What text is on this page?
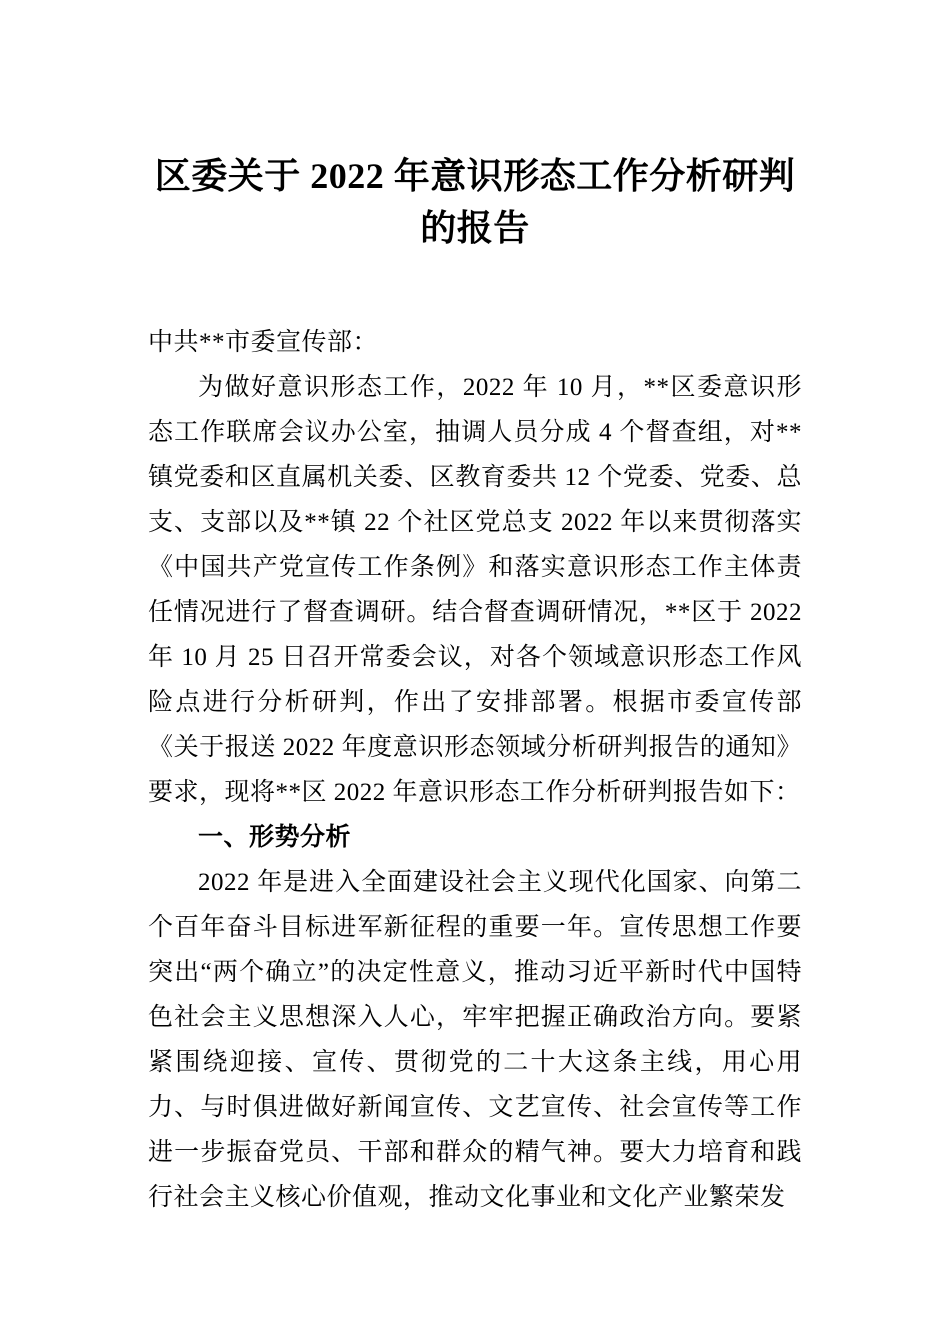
区委关于 2022 年意识形态工作分析研判的报告

中共**市委宣传部：

为做好意识形态工作，2022 年 10 月，**区委意识形态工作联席会议办公室，抽调人员分成 4 个督查组，对**镇党委和区直属机关委、区教育委共 12 个党委、党委、总支、支部以及**镇 22 个社区党总支 2022 年以来贯彻落实《中国共产党宣传工作条例》和落实意识形态工作主体责任情况进行了督查调研。结合督查调研情况，**区于 2022 年 10 月 25 日召开常委会议，对各个领域意识形态工作风险点进行分析研判，作出了安排部署。根据市委宣传部《关于报送 2022 年度意识形态领域分析研判报告的通知》要求，现将**区 2022 年意识形态工作分析研判报告如下：

一、形势分析

2022 年是进入全面建设社会主义现代化国家、向第二个百年奋斗目标进军新征程的重要一年。宣传思想工作要突出“两个确立”的决定性意义，推动习近平新时代中国特色社会主义思想深入人心，牢牢把握正确政治方向。要紧紧围绕迎接、宣传、贯彻党的二十大这条主线，用心用力、与时俱进做好新闻宣传、文艺宣传、社会宣传等工作进一步振奋党员、干部和群众的精气神。要大力培育和践行社会主义核心价值观，推动文化事业和文化产业繁荣发
